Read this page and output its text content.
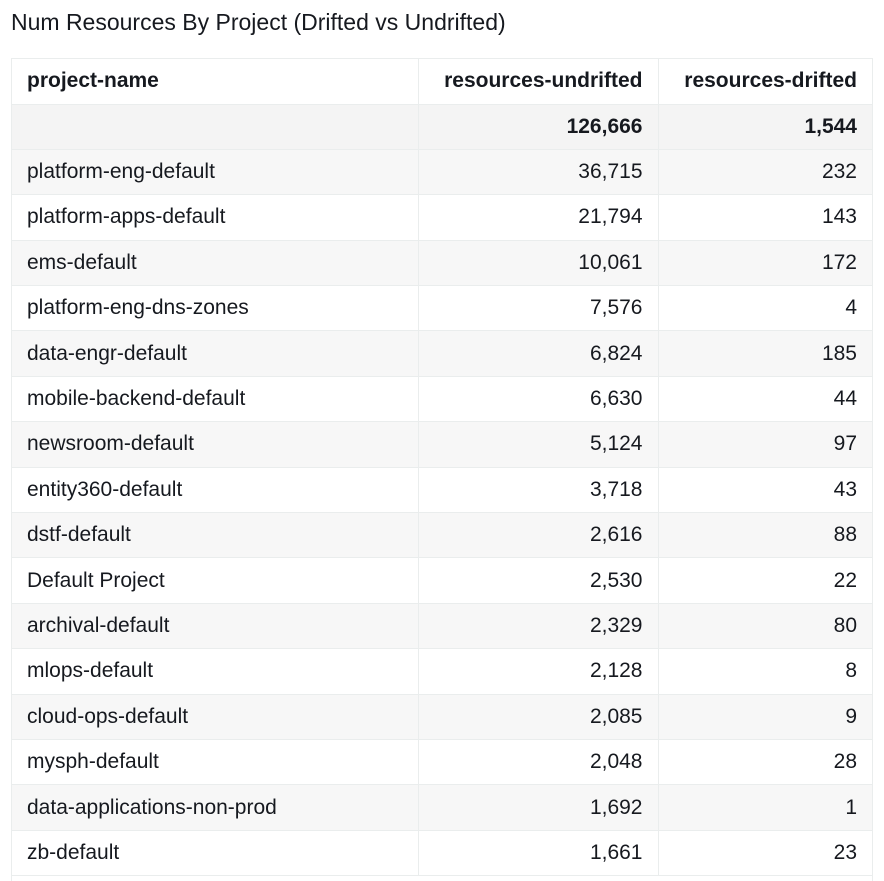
Num Resources By Project (Drifted vs Undrifted)
project-name	resources-undrifted	resources-drifted
	126,666	1,544
platform-eng-default	36,715	232
platform-apps-default	21,794	143
ems-default	10,061	172
platform-eng-dns-zones	7,576	4
data-engr-default	6,824	185
mobile-backend-default	6,630	44
newsroom-default	5,124	97
entity360-default	3,718	43
dstf-default	2,616	88
Default Project	2,530	22
archival-default	2,329	80
mlops-default	2,128	8
cloud-ops-default	2,085	9
mysph-default	2,048	28
data-applications-non-prod	1,692	1
zb-default	1,661	23
